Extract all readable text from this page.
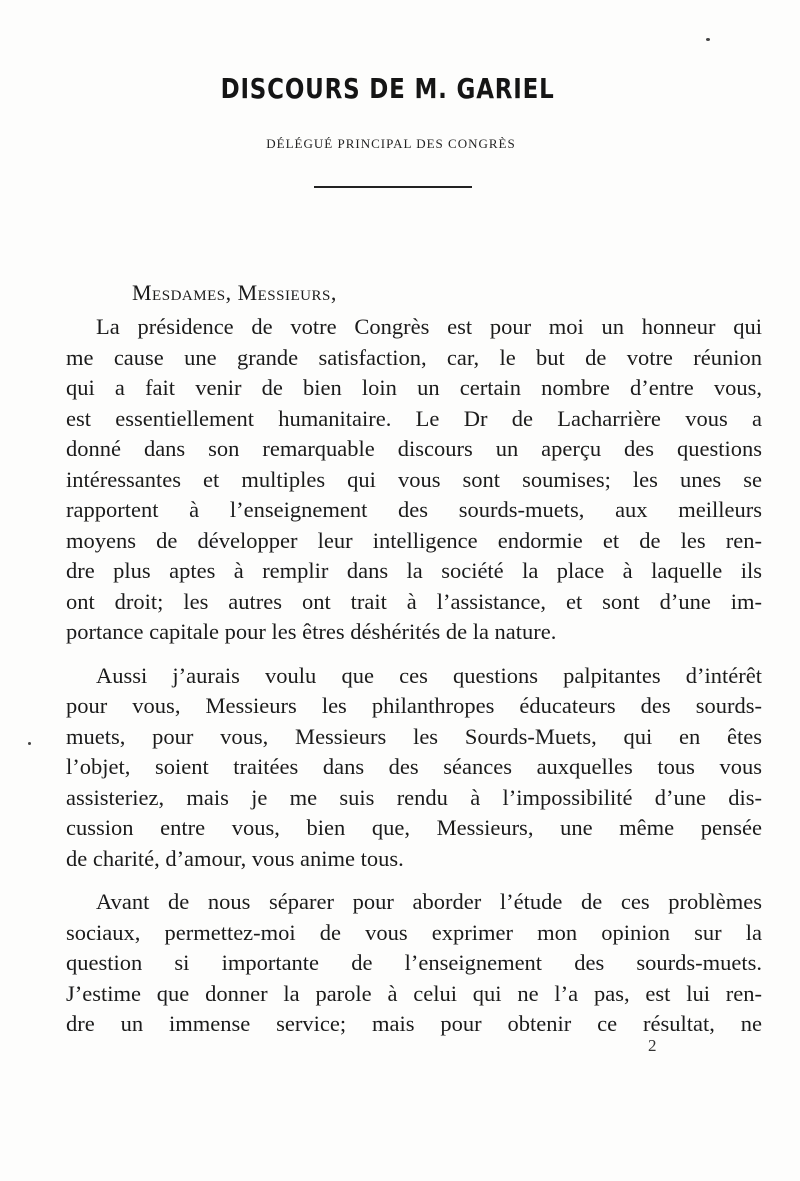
DISCOURS DE M. GARIEL
DÉLÉGUÉ PRINCIPAL DES CONGRÈS
Mesdames, Messieurs,

La présidence de votre Congrès est pour moi un honneur qui
me cause une grande satisfaction, car, le but de votre réunion
qui a fait venir de bien loin un certain nombre d’entre vous,
est essentiellement humanitaire. Le Dr de Lacharrière vous a
donné dans son remarquable discours un aperçu des questions
intéressantes et multiples qui vous sont soumises; les unes se
rapportent à l’enseignement des sourds-muets, aux meilleurs
moyens de développer leur intelligence endormie et de les ren-
dre plus aptes à remplir dans la société la place à laquelle ils
ont droit; les autres ont trait à l’assistance, et sont d’une im-
portance capitale pour les êtres déshérités de la nature.

Aussi j’aurais voulu que ces questions palpitantes d’intérêt
pour vous, Messieurs les philanthropes éducateurs des sourds-
muets, pour vous, Messieurs les Sourds-Muets, qui en êtes
l’objet, soient traitées dans des séances auxquelles tous vous
assisteriez, mais je me suis rendu à l’impossibilité d’une dis-
cussion entre vous, bien que, Messieurs, une même pensée
de charité, d’amour, vous anime tous.

Avant de nous séparer pour aborder l’étude de ces problèmes
sociaux, permettez-moi de vous exprimer mon opinion sur la
question si importante de l’enseignement des sourds-muets.
J’estime que donner la parole à celui qui ne l’a pas, est lui ren-
dre un immense service; mais pour obtenir ce résultat, ne

2
